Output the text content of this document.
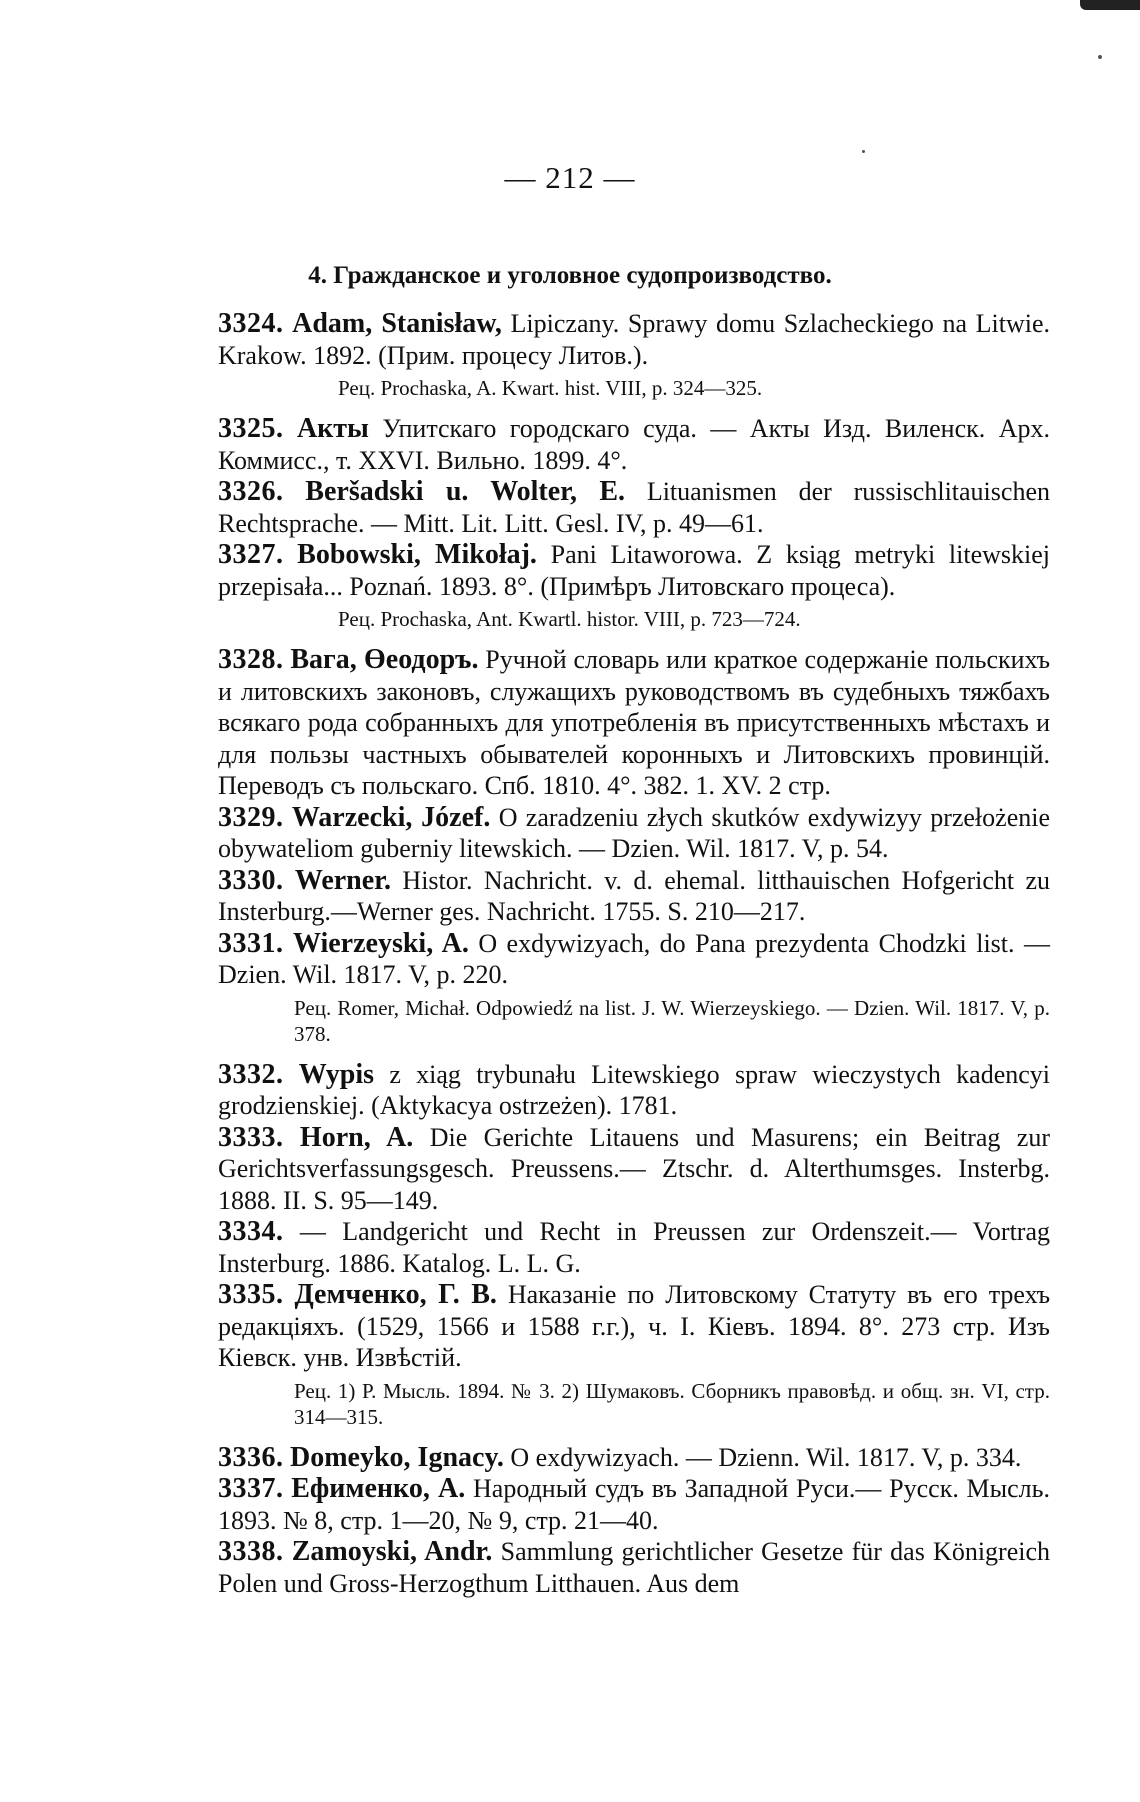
— 212 —
4. Гражданское и уголовное судопроизводство.

3324. Adam, Stanisław, Lipiczany. Sprawy domu Szlacheckiego na Litwie. Krakow. 1892. (Прим. процесу Литов.).

Рец. Prochaska, A. Kwart. hist. VIII, p. 324—325.

3325. Акты Упитскаго городскаго суда. — Акты Изд. Виленск. Арх. Коммисс., т. XXVI. Вильно. 1899. 4°.

3326. Beršadski u. Wolter, E. Lituanismen der russischlitauischen Rechtsprache. — Mitt. Lit. Litt. Gesl. IV, p. 49—61.

3327. Bobowski, Mikołaj. Pani Litaworowa. Z ksiąg metryki litewskiej przepisała... Poznań. 1893. 8°. (Примѣръ Литовскаго процеса).

Рец. Prochaska, Ant. Kwartl. histor. VIII, p. 723—724.

3328. Вага, Өеодоръ. Ручной словарь или краткое содержаніе польскихъ и литовскихъ законовъ, служащихъ руководствомъ въ судебныхъ тяжбахъ всякаго рода собранныхъ для употребленія въ присутственныхъ мѣстахъ и для пользы частныхъ обывателей коронныхъ и Литовскихъ провинцій. Переводъ съ польскаго. Спб. 1810. 4°. 382. 1. XV. 2 стр.

3329. Warzecki, Józef. O zaradzeniu złych skutków exdywizyy przełożenie obywateliom guberniy litewskich. — Dzien. Wil. 1817. V, p. 54.

3330. Werner. Histor. Nachricht. v. d. ehemal. litthauischen Hofgericht zu Insterburg.—Werner ges. Nachricht. 1755. S. 210—217.

3331. Wierzeyski, A. O exdywizyach, do Pana prezydenta Chodzki list. — Dzien. Wil. 1817. V, p. 220.

Рец. Romer, Michał. Odpowiedź na list. J. W. Wierzeyskiego. — Dzien. Wil. 1817. V, p. 378.

3332. Wypis z xiąg trybunału Litewskiego spraw wieczystych kadencyi grodzienskiej. (Aktykacya ostrzeżen). 1781.

3333. Horn, A. Die Gerichte Litauens und Masurens; ein Beitrag zur Gerichtsverfassungsgesch. Preussens.— Ztschr. d. Alterthumsges. Insterbg. 1888. II. S. 95—149.

3334. — Landgericht und Recht in Preussen zur Ordenszeit.— Vortrag Insterburg. 1886. Katalog. L. L. G.

3335. Демченко, Г. В. Наказаніе по Литовскому Статуту въ его трехъ редакціяхъ. (1529, 1566 и 1588 г.г.), ч. I. Кіевъ. 1894. 8°. 273 стр. Изъ Кіевск. унв. Извѣстій.

Рец. 1) Р. Мысль. 1894. № 3. 2) Шумаковъ. Сборникъ правовѣд. и общ. зн. VI, стр. 314—315.

3336. Domeyko, Ignacy. O exdywizyach. — Dzienn. Wil. 1817. V, p. 334.

3337. Ефименко, А. Народный судъ въ Западной Руси.— Русск. Мысль. 1893. № 8, стр. 1—20, № 9, стр. 21—40.

3338. Zamoyski, Andr. Sammlung gerichtlicher Gesetze für das Königreich Polen und Gross-Herzogthum Litthauen. Aus dem
